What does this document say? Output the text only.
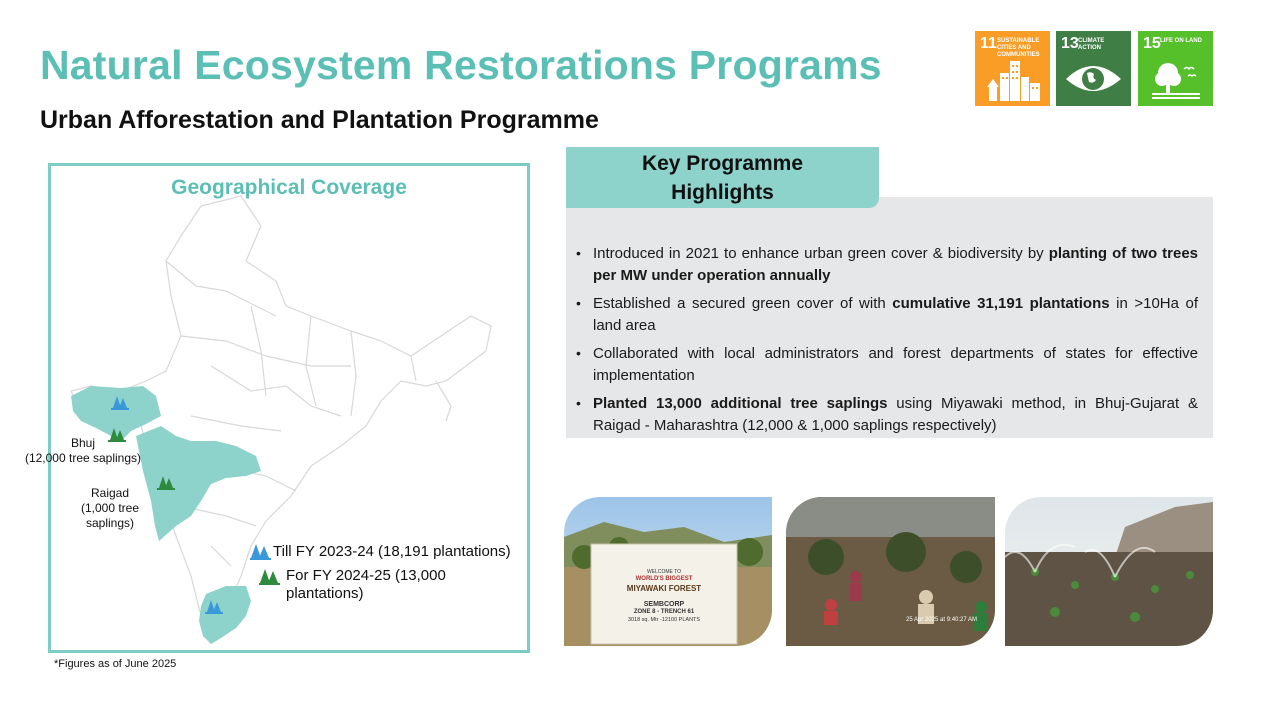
Natural Ecosystem Restorations Programs
Urban Afforestation and Plantation Programme
11 SUSTAINABLE CITIES AND COMMUNITIES
13 CLIMATE ACTION	15 LIFE ON LAND
Geographical Coverage
Till FY 2023-24 (18,191 plantations)
For FY 2024-25 (13,000
plantations)
Bhuj
(12,000 tree saplings)
Raigad
(1,000 tree
saplings)
*Figures as of June 2025
Key Programme Highlights
• Introduced in 2021 to enhance urban green cover & biodiversity by planting of two trees per MW under operation annually
• Established a secured green cover of with cumulative 31,191 plantations in >10Ha of land area
• Collaborated with local administrators and forest departments of states for effective implementation
• Planted 13,000 additional tree saplings using Miyawaki method, in Bhuj-Gujarat & Raigad - Maharashtra (12,000 & 1,000 saplings respectively)
WELCOME TO
WORLD'S BIGGEST
MIYAWAKI FOREST
SEMBCORP
ZONE 8 - TRENCH 61
3018 sq. Mtr -12100 PLANTS	25 Apr 2025 at 9:40:27 AM
